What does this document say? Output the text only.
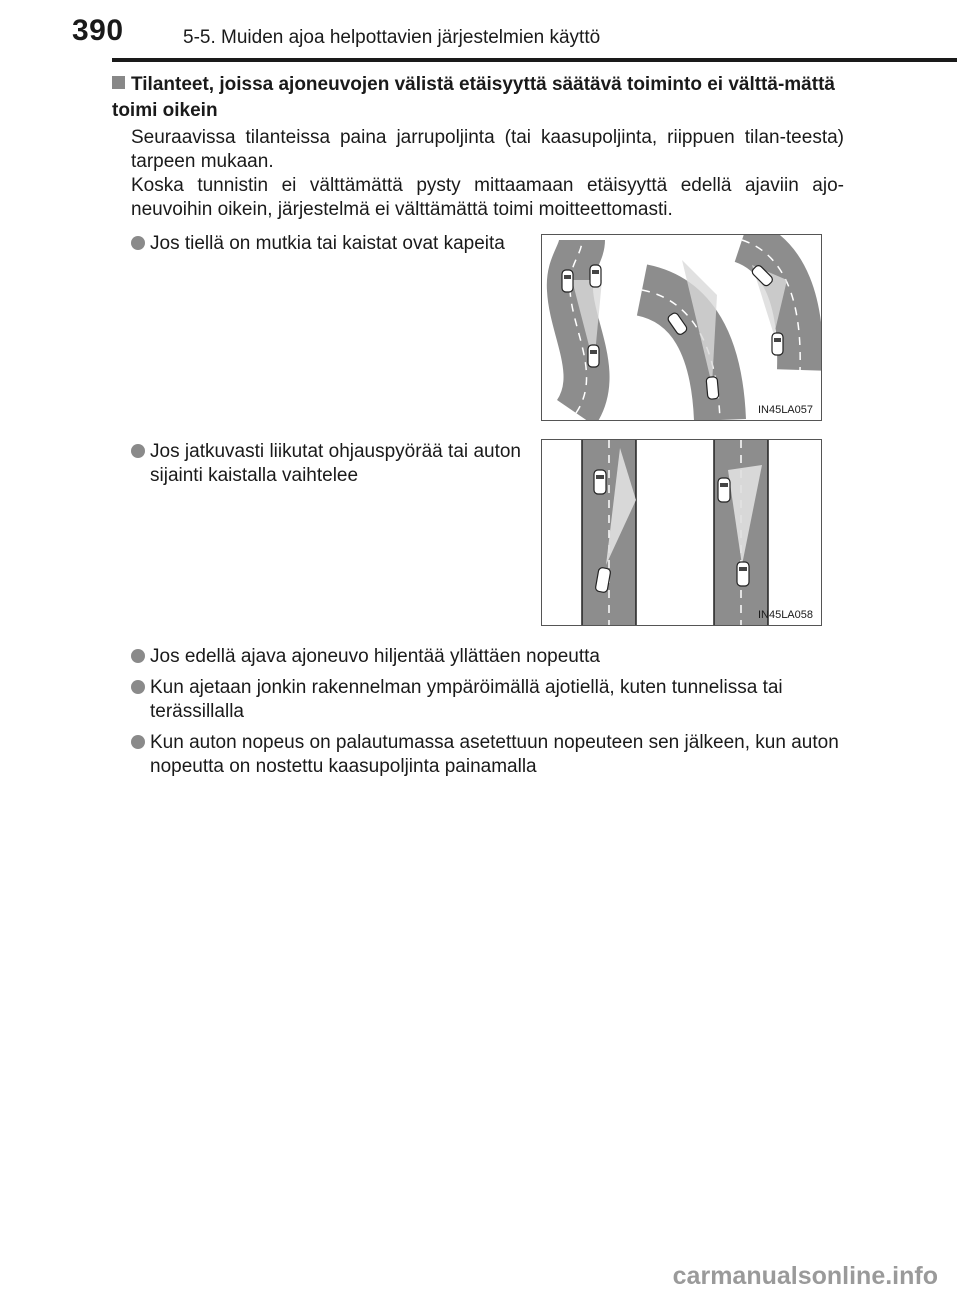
390	5-5. Muiden ajoa helpottavien järjestelmien käyttö
Tilanteet, joissa ajoneuvojen välistä etäisyyttä säätävä toiminto ei välttä-mättä toimi oikein
Seuraavissa tilanteissa paina jarrupoljinta (tai kaasupoljinta, riippuen tilan-teesta) tarpeen mukaan.
Koska tunnistin ei välttämättä pysty mittaamaan etäisyyttä edellä ajaviin ajo-neuvoihin oikein, järjestelmä ei välttämättä toimi moitteettomasti.
Jos tiellä on mutkia tai kaistat ovat kapeita
IN45LA057
Jos jatkuvasti liikutat ohjauspyörää tai auton sijainti kaistalla vaihtelee
IN45LA058
Jos edellä ajava ajoneuvo hiljentää yllättäen nopeutta
Kun ajetaan jonkin rakennelman ympäröimällä ajotiellä, kuten tunnelissa tai terässillalla
Kun auton nopeus on palautumassa asetettuun nopeuteen sen jälkeen, kun auton nopeutta on nostettu kaasupoljinta painamalla
carmanualsonline.info
